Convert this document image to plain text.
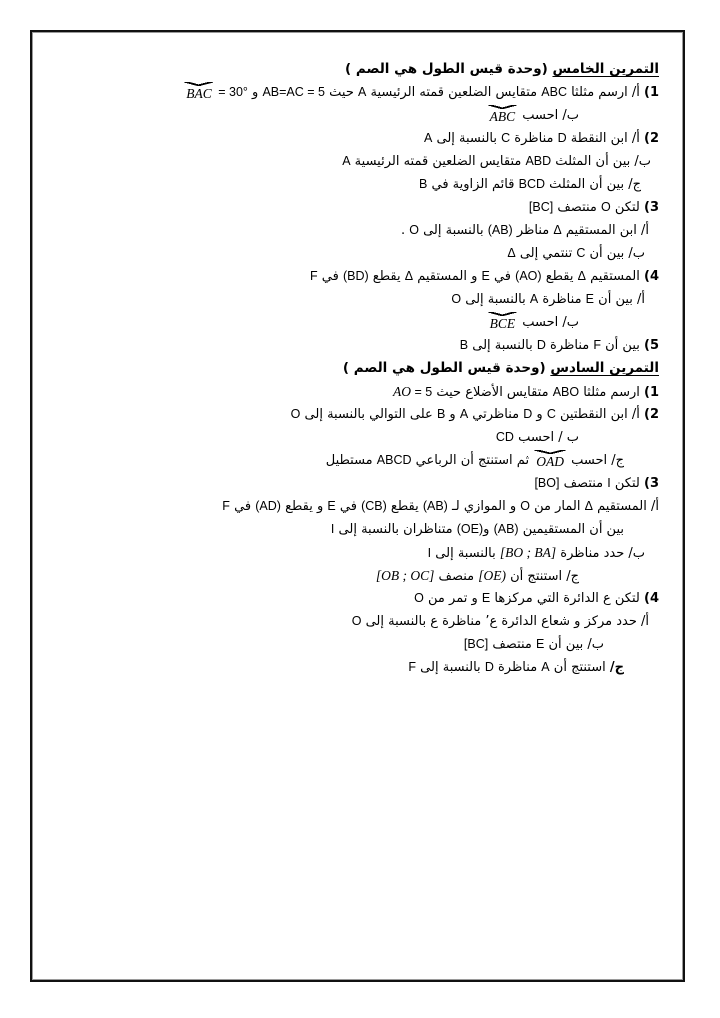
التمرين الخامس (وحدة قيس الطول هي الصم )
1) أ/ ارسم مثلثا ABC متقايس الضلعين قمته الرئيسية A حيث AB=AC = 5 و BAC = 30°
ب/ احسب ABC
2) أ/ ابن النقطة D مناظرة C بالنسبة إلى A
ب/ بين أن المثلث ABD متقايس الضلعين قمته الرئيسية A
ج/ بين أن المثلث BCD قائم الزاوية في B
3) لتكن O منتصف [BC]
أ/ ابن المستقيم Δ مناظر (AB) بالنسبة إلى O .
ب/ بين أن C تنتمي إلى Δ
4) المستقيم Δ يقطع (AO) في E و المستقيم Δ يقطع (BD) في F
أ/ بين أن E مناظرة A بالنسبة إلى O
ب/ احسب BCE
5) بين أن F مناظرة D بالنسبة إلى B
التمرين السادس (وحدة قيس الطول هي الصم )
1) ارسم مثلثا ABO متقايس الأضلاع حيث AO = 5
2) أ/ ابن النقطتين C و D مناظرتي A و B على التوالي بالنسبة إلى O
ب / احسب CD
ج/ احسب OAD ثم استنتج أن الرباعي ABCD مستطيل
3) لتكن I منتصف [BO]
أ/ المستقيم Δ المار من O و الموازي لـ (AB) يقطع (CB) في E و يقطع (AD) في F
بين أن المستقيمين (AB) و(OE) متناظران بالنسبة إلى I
ب/ حدد مناظرة [BO ; BA] بالنسبة إلى I
ج/ استنتج أن [OE) منصف [OB ; OC]
4) لتكن ع الدائرة التي مركزها E و تمر من O
أ/ حدد مركز و شعاع الدائرة ع’ مناظرة ع بالنسبة إلى O
ب/ بين أن E منتصف [BC]
ج/ استنتج أن A مناظرة D بالنسبة إلى F
